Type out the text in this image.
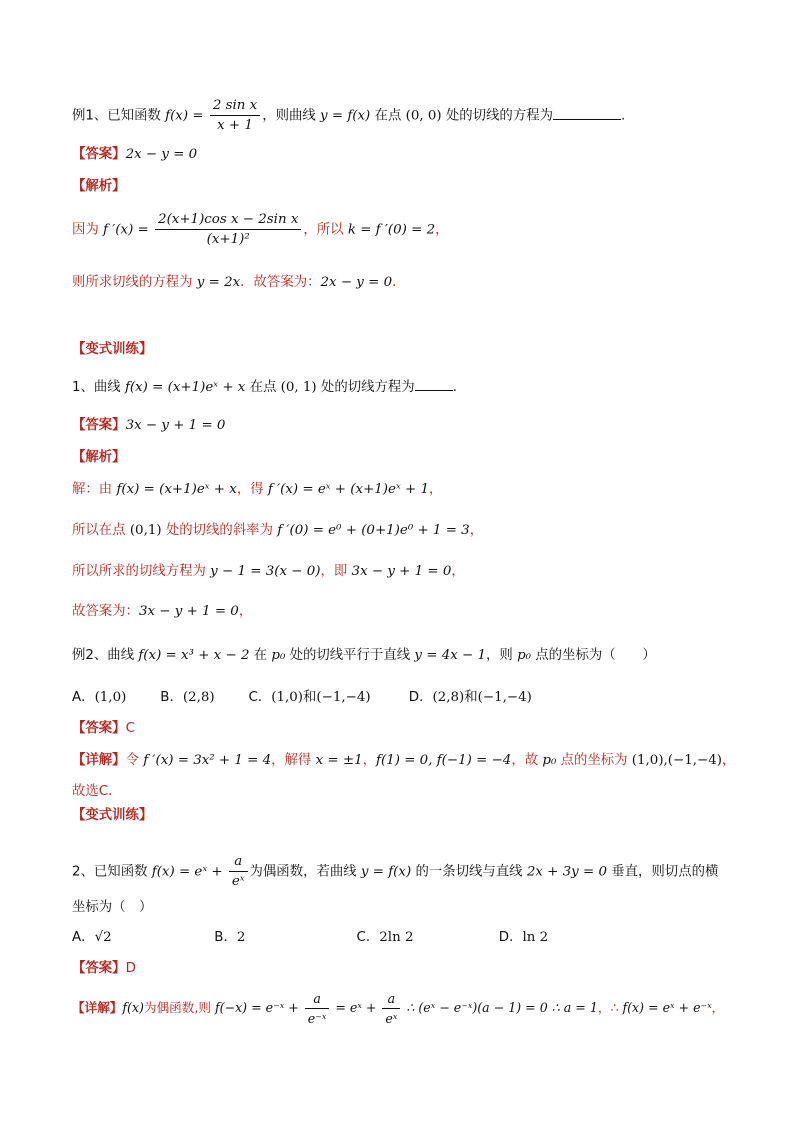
例1、已知函数 $f(x) = \frac{\text{2 sin x}}{x + 1}$ ，则曲线 y = f(x) 在点 (0, 0) 处的切线的方程为	.
【答案】2x − y = 0
【解析】
因为 f $'(x) = \frac{\text{2(x+1)cos x − 2sin x}}{\text{(x+1)²}}$ ，所以 k = f ′(0) = 2，
则所求切线的方程为 y = 2x．故答案为：2x − y = 0．
【变式训练】
1、曲线 f(x) = (x+1)eˣ + x 在点 (0, 1) 处的切线方程为	.
【答案】3x − y + 1 = 0
【解析】
解：由 f(x) = (x+1)eˣ + x，得 f ′(x) = eˣ + (x+1)eˣ + 1，
所以在点 (0,1) 处的切线的斜率为 f ′(0) = e⁰ + (0+1)e⁰ + 1 = 3，
所以所求的切线方程为 y − 1 = 3(x − 0)，即 3x − y + 1 = 0，
故答案为：3x − y + 1 = 0，
例2、曲线 f(x) = x³ + x − 2 在 p₀ 处的切线平行于直线 y = 4x − 1，则 p₀ 点的坐标为（　　）
A．(1,0)	B．(2,8)	C．(1,0)和(−1,−4)	D．(2,8)和(−1,−4)
【答案】C
【详解】令 f ′(x) = 3x² + 1 = 4，解得 x = ±1，f(1) = 0, f(−1) = −4，故 p₀ 点的坐标为 (1,0),(−1,−4)，
故选C.
【变式训练】
2、已知函数 f(x) = eˣ + $\frac{a}{\text{eˣ}}$ 为偶函数，若曲线 y = f(x) 的一条切线与直线 2x + 3y = 0 垂直，则切点的横
坐标为（　）
A．√2	B．2	C．2ln 2	D．ln 2
【答案】D
【详解】f(x)为偶函数,则 f(−x) = e⁻ˣ + $\frac{a}{\text{e⁻ˣ}}$ = eˣ + $\frac{a}{\text{eˣ}}$ ∴ (eˣ − e⁻ˣ)(a − 1) = 0 ∴ a = 1，∴ f(x) = eˣ + e⁻ˣ，
